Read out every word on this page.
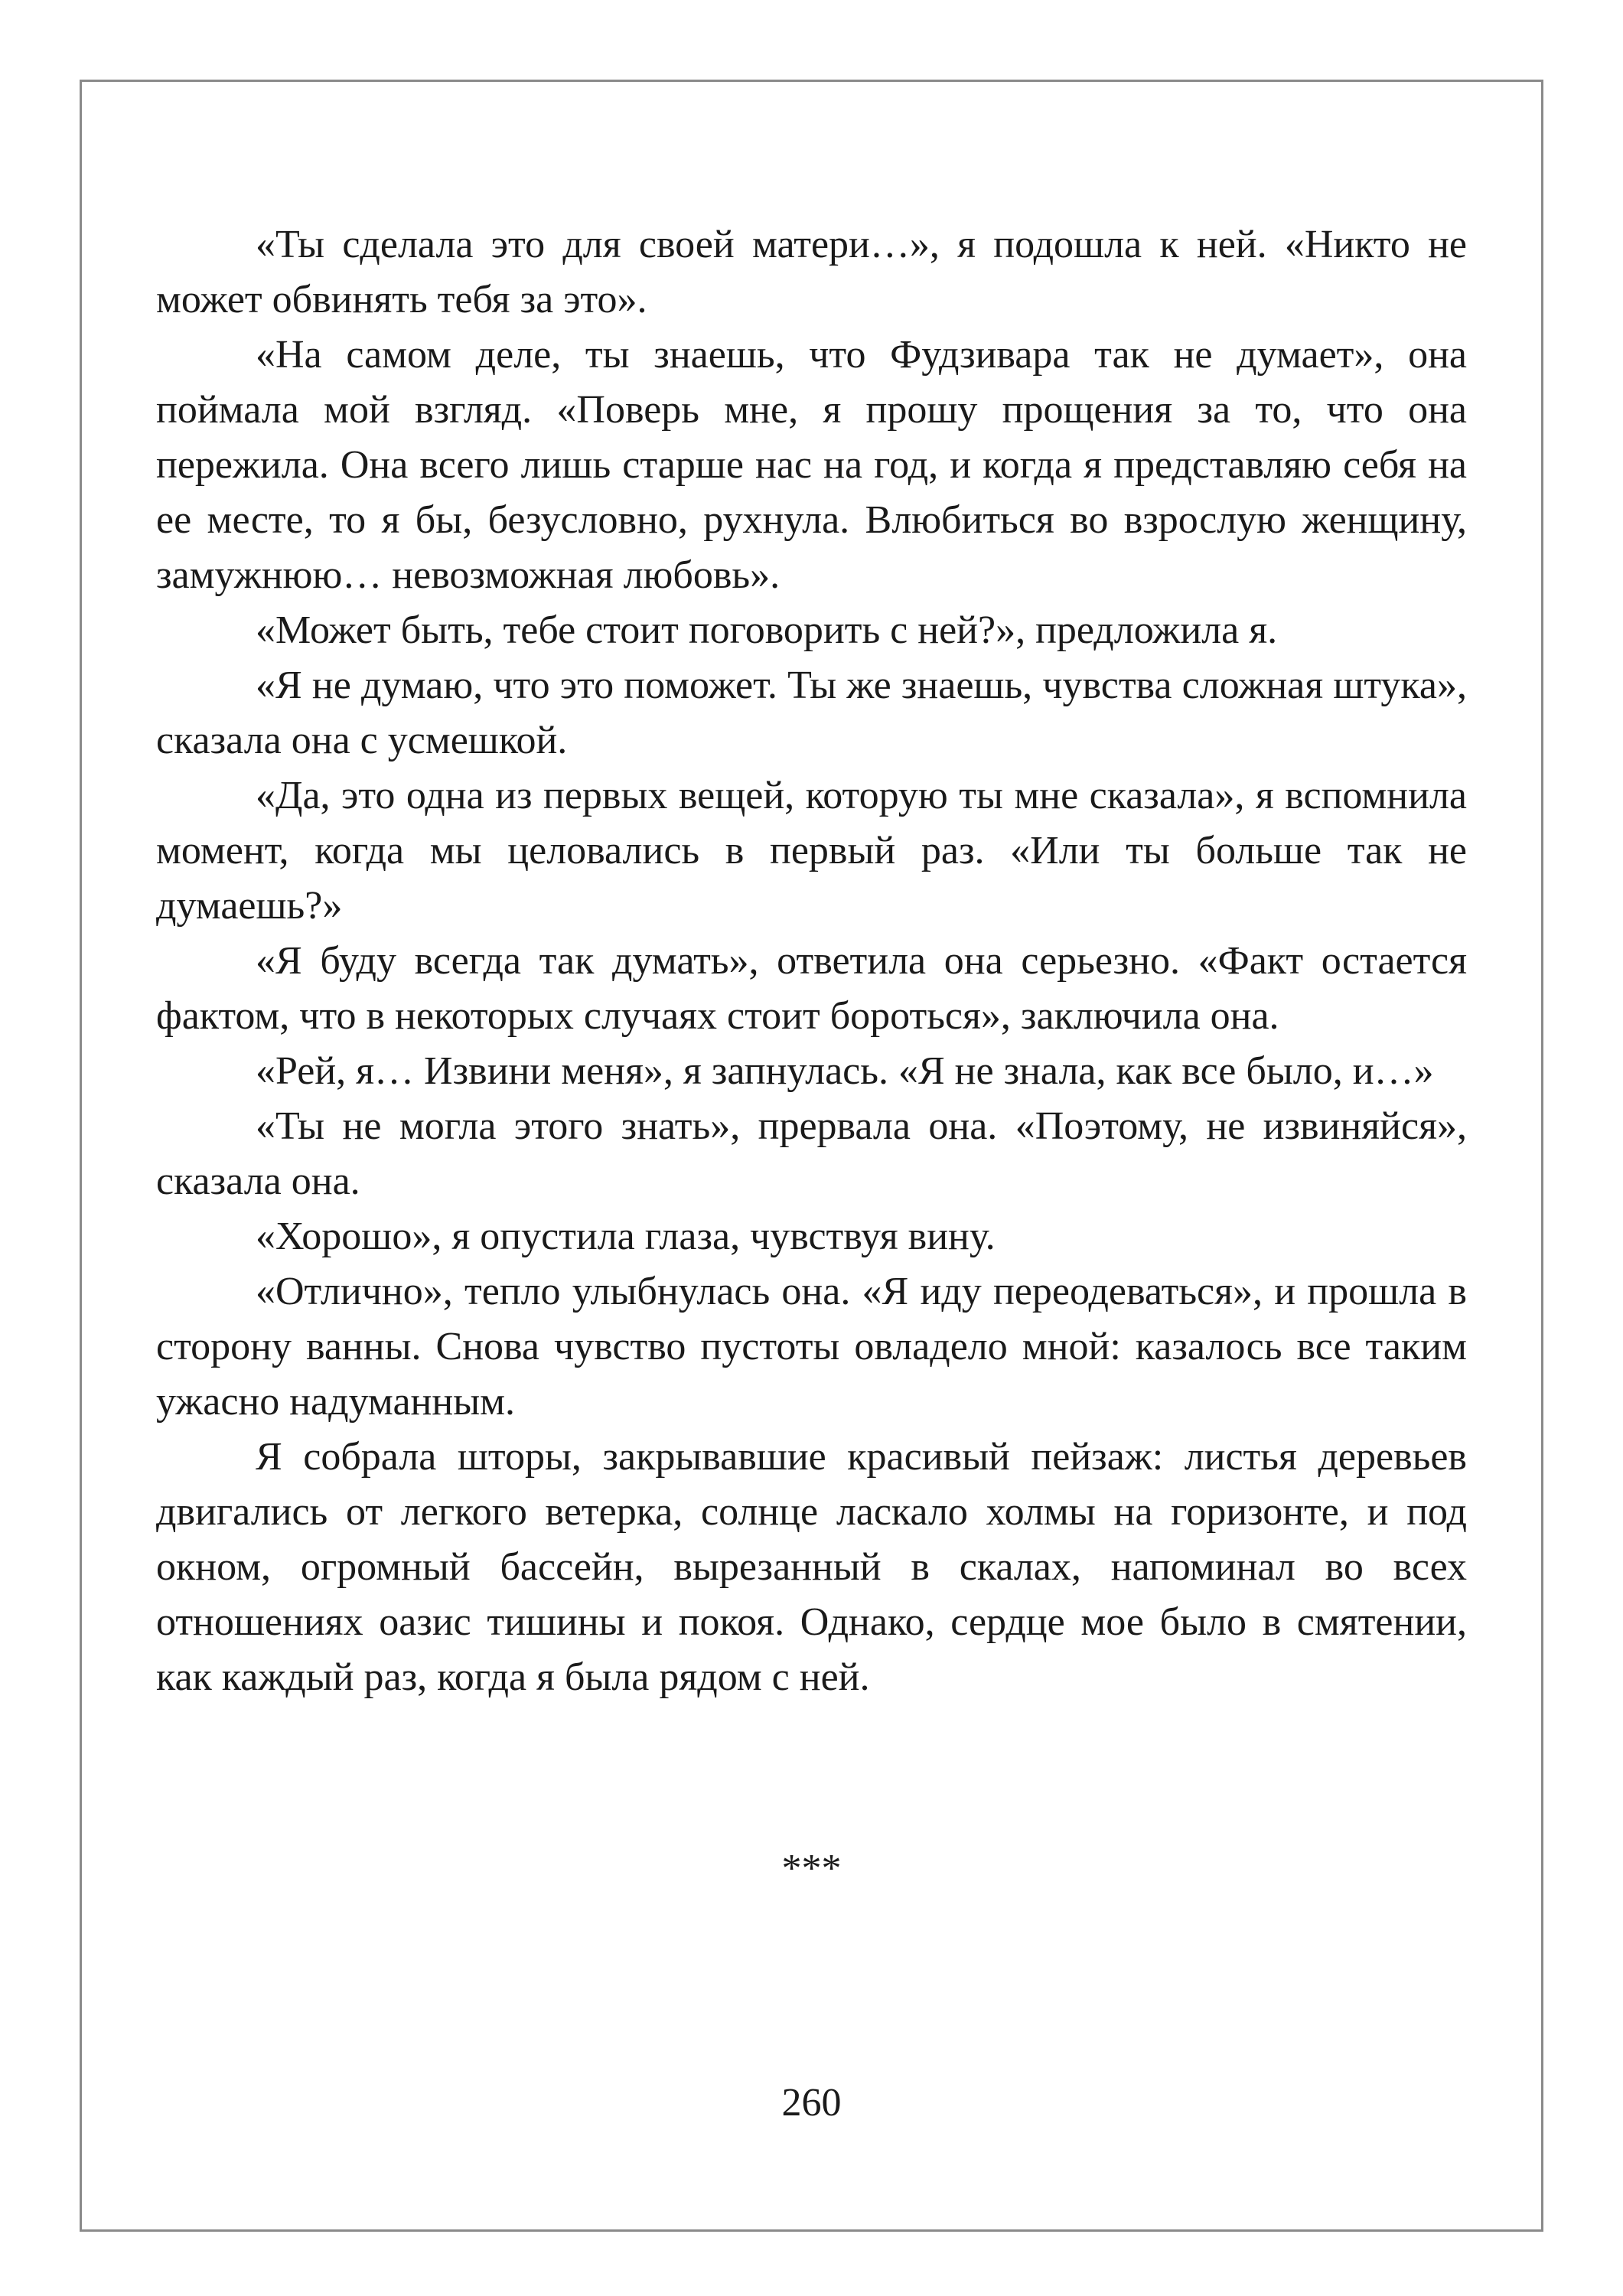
«Ты сделала это для своей матери…», я подошла к ней. «Никто не может обвинять тебя за это».

«На самом деле, ты знаешь, что Фудзивара так не думает», она поймала мой взгляд. «Поверь мне, я прошу прощения за то, что она пережила. Она всего лишь старше нас на год, и когда я представляю себя на ее месте, то я бы, безусловно, рухнула. Влюбиться во взрослую женщину, замужнюю… невозможная любовь».

«Может быть, тебе стоит поговорить с ней?», предложила я.

«Я не думаю, что это поможет. Ты же знаешь, чувства сложная штука», сказала она с усмешкой.

«Да, это одна из первых вещей, которую ты мне сказала», я вспомнила момент, когда мы целовались в первый раз. «Или ты больше так не думаешь?»

«Я буду всегда так думать», ответила она серьезно. «Факт остается фактом, что в некоторых случаях стоит бороться», заключила она.

«Рей, я… Извини меня», я запнулась. «Я не знала, как все было, и…»

«Ты не могла этого знать», прервала она. «Поэтому, не извиняйся», сказала она.

«Хорошо», я опустила глаза, чувствуя вину.

«Отлично», тепло улыбнулась она. «Я иду переодеваться», и прошла в сторону ванны. Снова чувство пустоты овладело мной: казалось все таким ужасно надуманным.

Я собрала шторы, закрывавшие красивый пейзаж: листья деревьев двигались от легкого ветерка, солнце ласкало холмы на горизонте, и под окном, огромный бассейн, вырезанный в скалах, напоминал во всех отношениях оазис тишины и покоя. Однако, сердце мое было в смятении, как каждый раз, когда я была рядом с ней.

***
260
